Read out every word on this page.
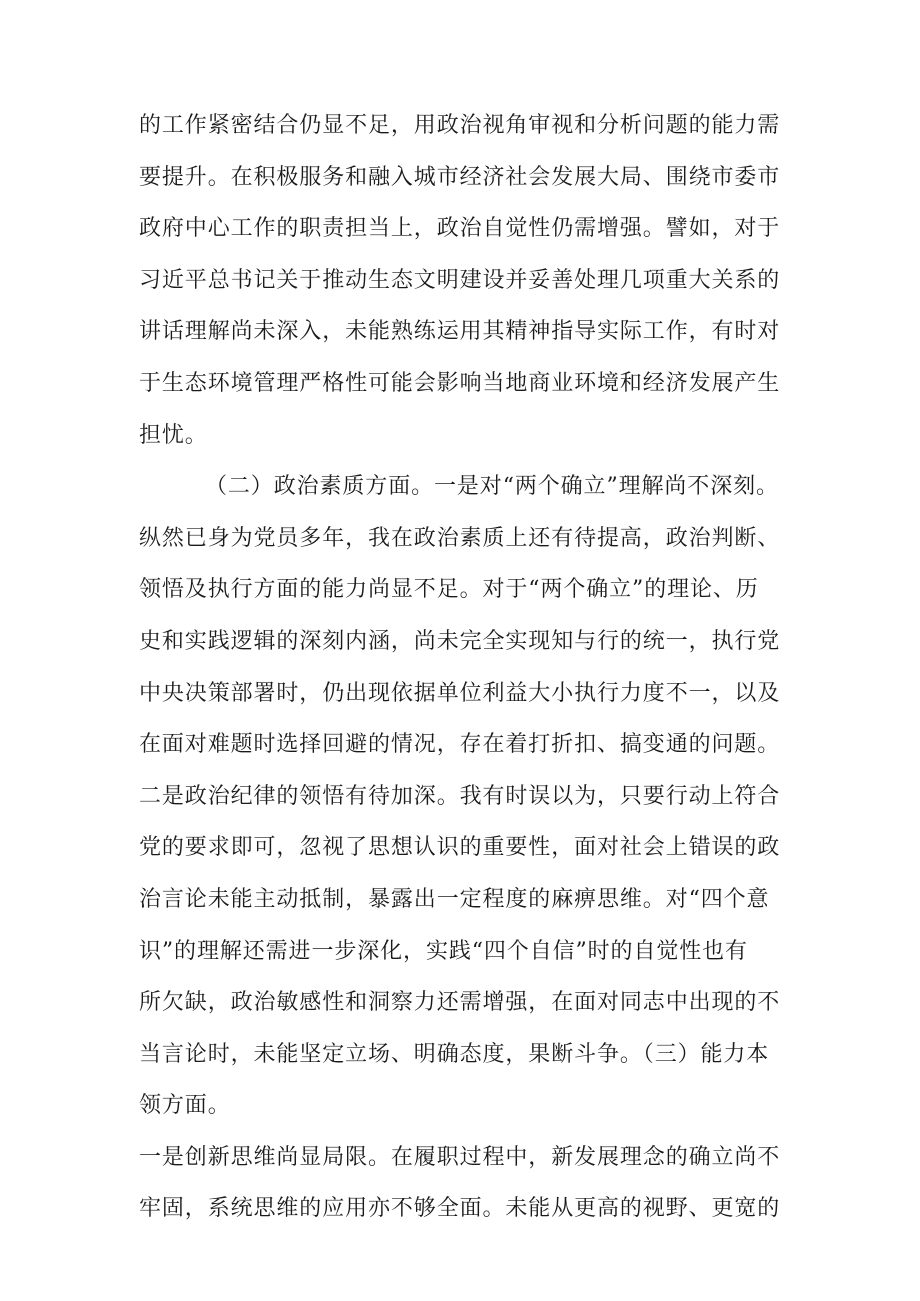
的工作紧密结合仍显不足，用政治视角审视和分析问题的能力需
要提升。在积极服务和融入城市经济社会发展大局、围绕市委市
政府中心工作的职责担当上，政治自觉性仍需增强。譬如，对于
习近平总书记关于推动生态文明建设并妥善处理几项重大关系的
讲话理解尚未深入，未能熟练运用其精神指导实际工作，有时对
于生态环境管理严格性可能会影响当地商业环境和经济发展产生
担忧。
（二）政治素质方面。一是对“两个确立”理解尚不深刻。
纵然已身为党员多年，我在政治素质上还有待提高，政治判断、
领悟及执行方面的能力尚显不足。对于“两个确立”的理论、历
史和实践逻辑的深刻内涵，尚未完全实现知与行的统一，执行党
中央决策部署时，仍出现依据单位利益大小执行力度不一，以及
在面对难题时选择回避的情况，存在着打折扣、搞变通的问题。
二是政治纪律的领悟有待加深。我有时误以为，只要行动上符合
党的要求即可，忽视了思想认识的重要性，面对社会上错误的政
治言论未能主动抵制，暴露出一定程度的麻痹思维。对“四个意
识”的理解还需进一步深化，实践“四个自信”时的自觉性也有
所欠缺，政治敏感性和洞察力还需增强，在面对同志中出现的不
当言论时，未能坚定立场、明确态度，果断斗争。（三）能力本
领方面。
一是创新思维尚显局限。在履职过程中，新发展理念的确立尚不
牢固，系统思维的应用亦不够全面。未能从更高的视野、更宽的
